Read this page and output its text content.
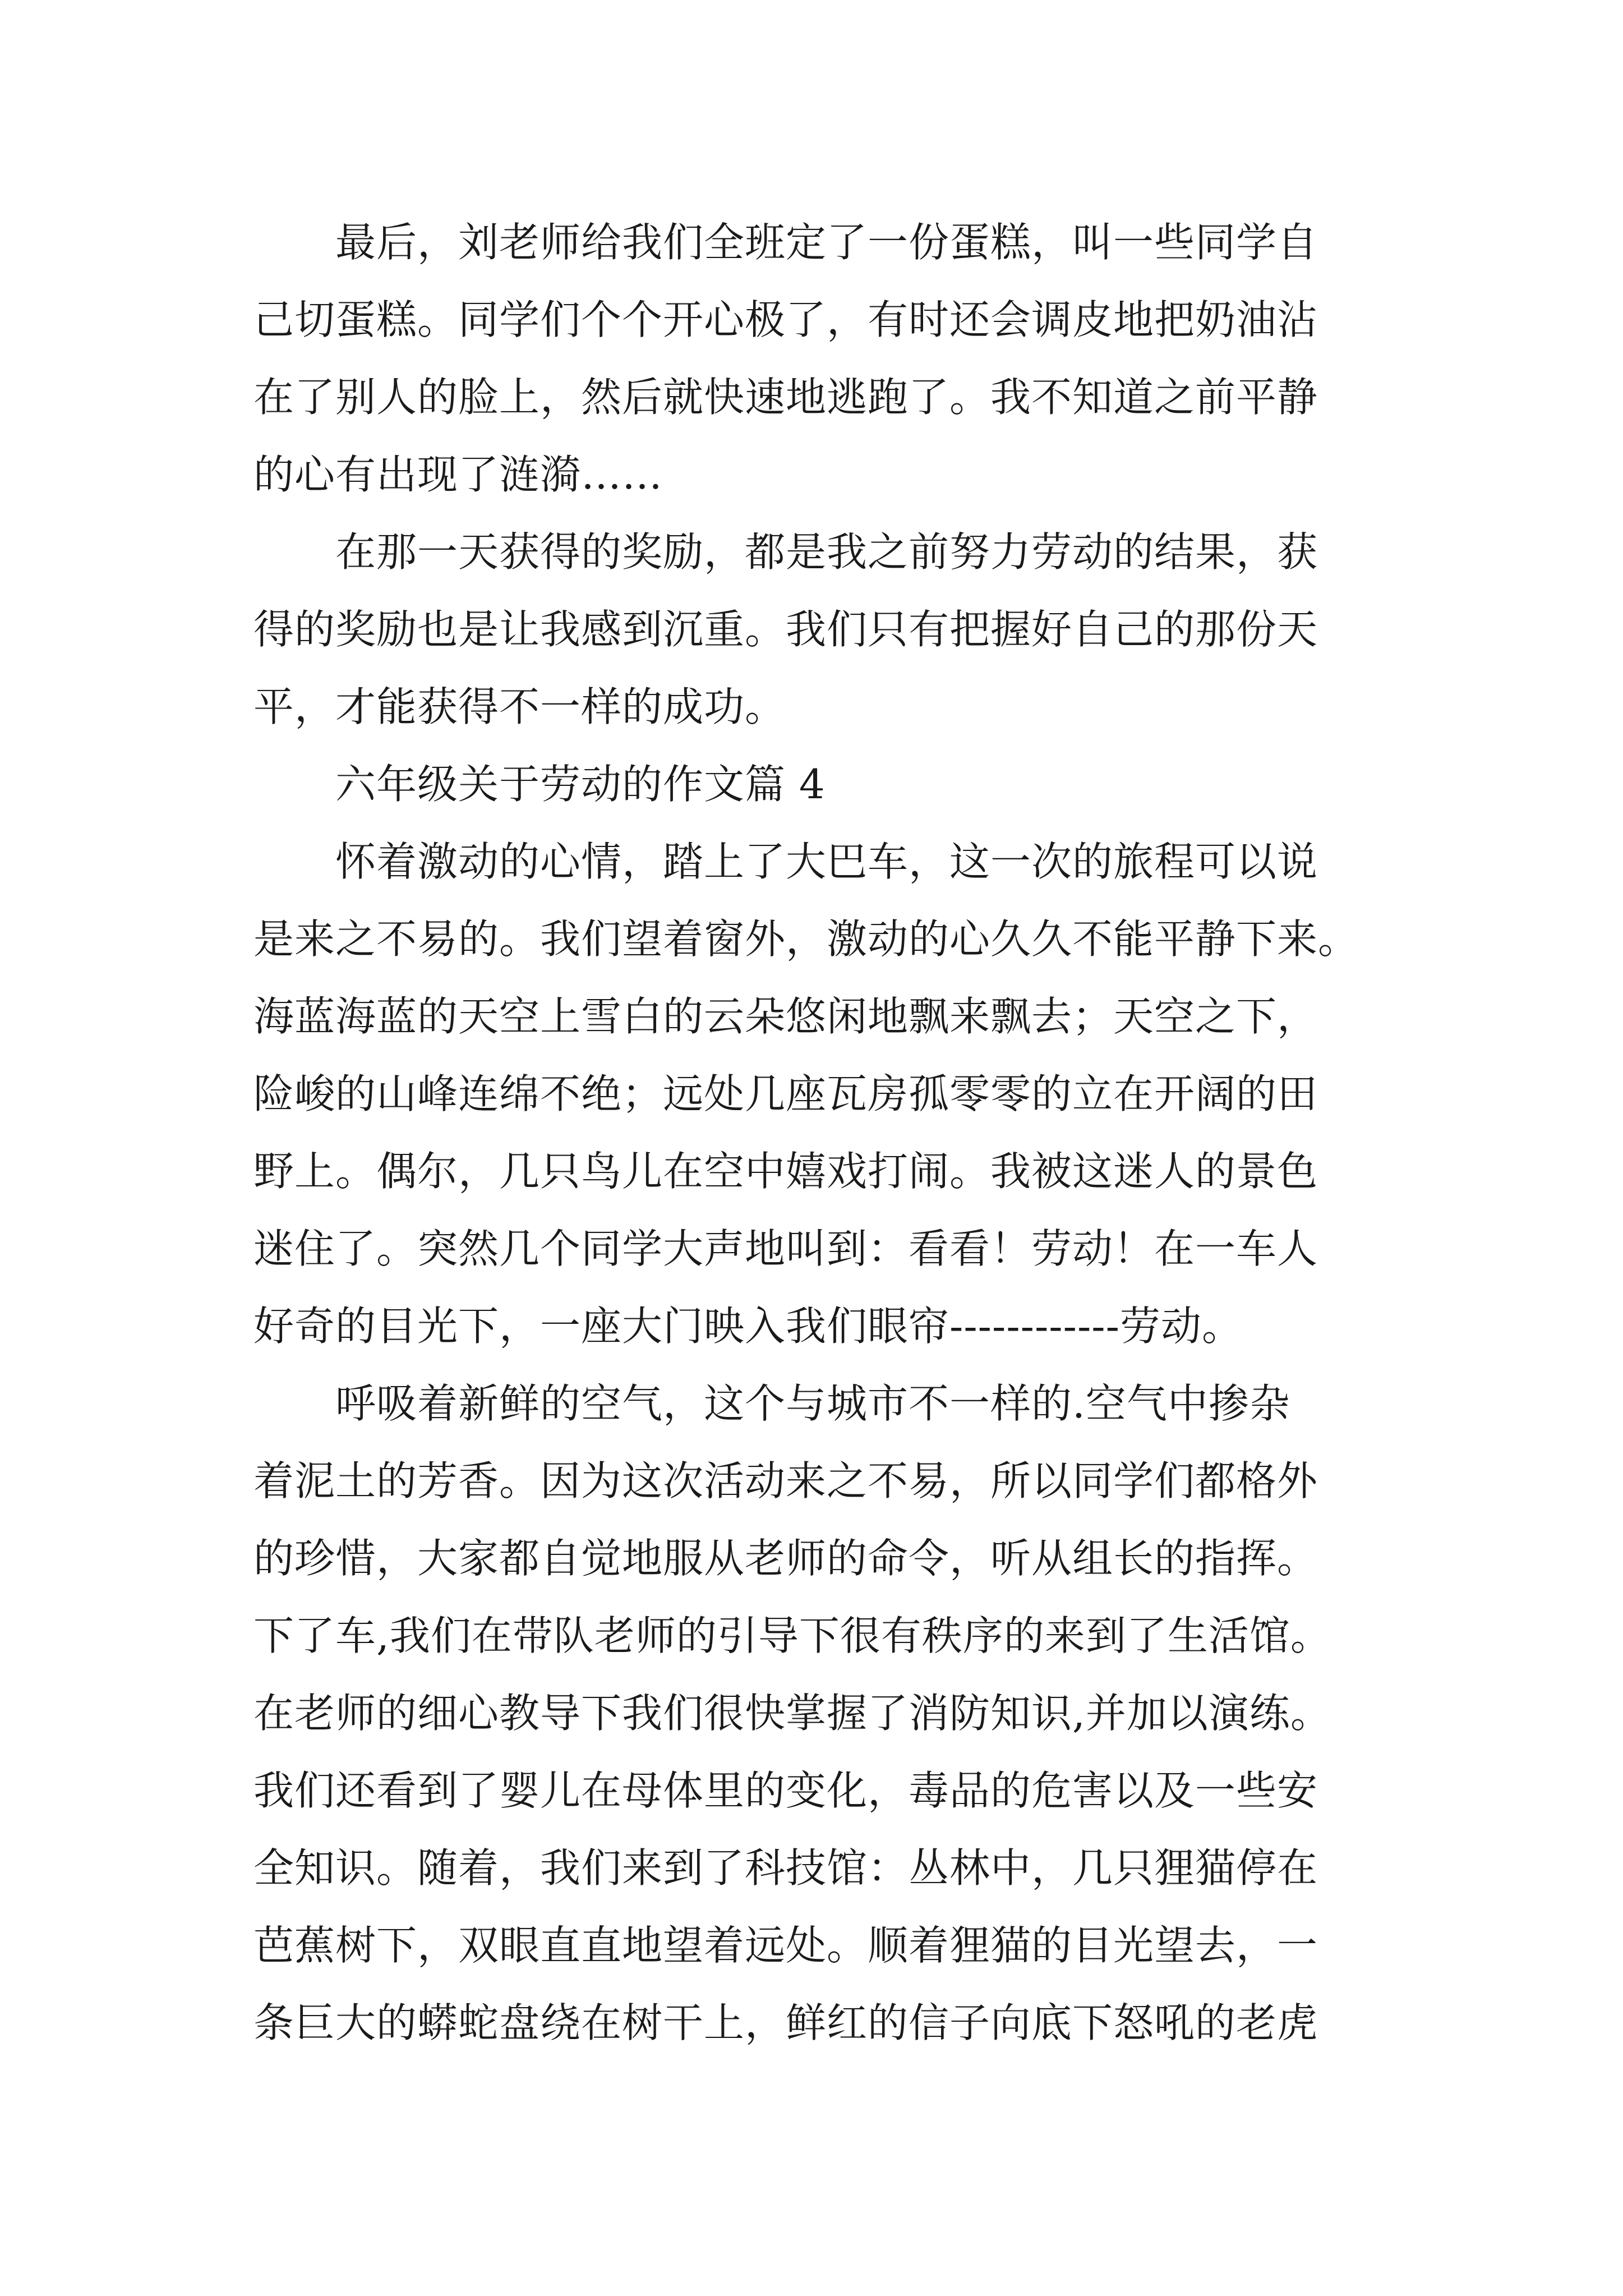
最后，刘老师给我们全班定了一份蛋糕，叫一些同学自
己切蛋糕。同学们个个开心极了，有时还会调皮地把奶油沾
在了别人的脸上，然后就快速地逃跑了。我不知道之前平静
的心有出现了涟漪……
在那一天获得的奖励，都是我之前努力劳动的结果，获
得的奖励也是让我感到沉重。我们只有把握好自己的那份天
平，才能获得不一样的成功。
六年级关于劳动的作文篇 4
怀着激动的心情，踏上了大巴车，这一次的旅程可以说
是来之不易的。我们望着窗外，激动的心久久不能平静下来。
海蓝海蓝的天空上雪白的云朵悠闲地飘来飘去；天空之下，
险峻的山峰连绵不绝；远处几座瓦房孤零零的立在开阔的田
野上。偶尔，几只鸟儿在空中嬉戏打闹。我被这迷人的景色
迷住了。突然几个同学大声地叫到：看看！劳动！在一车人
好奇的目光下，一座大门映入我们眼帘------------劳动。
呼吸着新鲜的空气，这个与城市不一样的.空气中掺杂
着泥土的芳香。因为这次活动来之不易，所以同学们都格外
的珍惜，大家都自觉地服从老师的命令，听从组长的指挥。
下了车,我们在带队老师的引导下很有秩序的来到了生活馆。
在老师的细心教导下我们很快掌握了消防知识,并加以演练。
我们还看到了婴儿在母体里的变化，毒品的危害以及一些安
全知识。随着，我们来到了科技馆：丛林中，几只狸猫停在
芭蕉树下，双眼直直地望着远处。顺着狸猫的目光望去，一
条巨大的蟒蛇盘绕在树干上，鲜红的信子向底下怒吼的老虎
